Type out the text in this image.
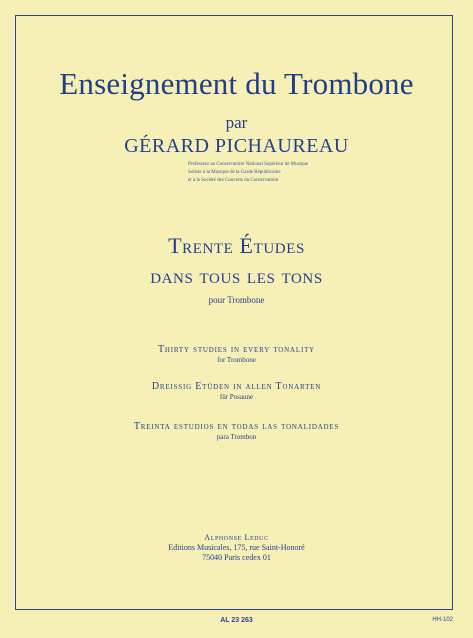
Enseignement du Trombone
par
GÉRARD PICHAUREAU
Professeur au Conservatoire National Supérieur de Musique
Soliste à la Musique de la Garde Républicaine
et à la Société des Concerts du Conservatoire
Trente Études
dans tous les tons
pour Trombone
Thirty studies in every tonality
for Trombone
Dreissig Etüden in allen Tonarten
für Posaune
Treinta estudios en todas las tonalidades
para Trombon
Alphonse Leduc
Editions Musicales, 175, rue Saint-Honoré
75040 Paris cedex 01
AL 23 263	HH-102
